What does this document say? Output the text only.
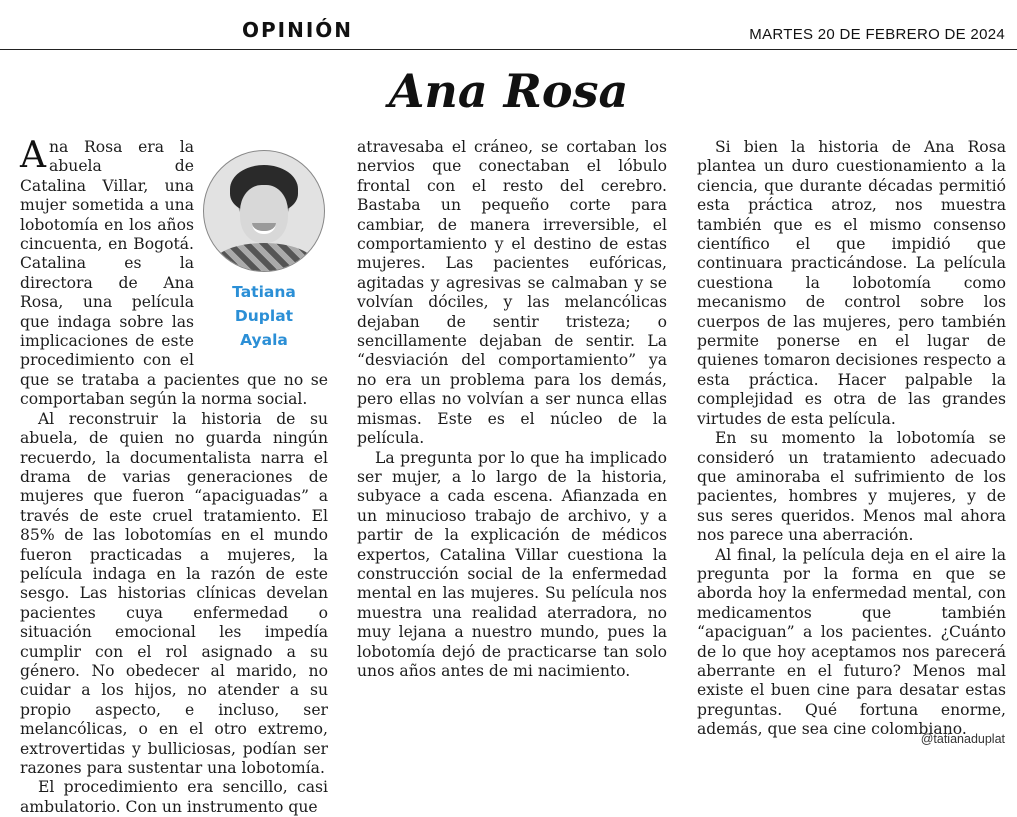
OPINIÓN	MARTES 20 DE FEBRERO DE 2024
Ana Rosa

Tatiana
Duplat
Ayala
A na Rosa era la abuela de Catalina Villar, una mujer sometida a una lobotomía en los años cincuenta, en Bogotá. Catalina es la directora de Ana Rosa, una película que indaga sobre las implicaciones de este procedimiento con el que se trataba a pacientes que no se comportaban según la norma social.

Al reconstruir la historia de su abuela, de quien no guarda ningún recuerdo, la documentalista narra el drama de varias generaciones de mujeres que fueron “apaciguadas” a través de este cruel tratamiento. El 85% de las lobotomías en el mundo fueron practicadas a mujeres, la película indaga en la razón de este sesgo. Las historias clínicas develan pacientes cuya enfermedad o situación emocional les impedía cumplir con el rol asignado a su género. No obedecer al marido, no cuidar a los hijos, no atender a su propio aspecto, e incluso, ser melancólicas, o en el otro extremo, extrovertidas y bulliciosas, podían ser razones para sustentar una lobotomía.

El procedimiento era sencillo, casi ambulatorio. Con un instrumento que

atravesaba el cráneo, se cortaban los nervios que conectaban el lóbulo frontal con el resto del cerebro. Bastaba un pequeño corte para cambiar, de manera irreversible, el comportamiento y el destino de estas mujeres. Las pacientes eufóricas, agitadas y agresivas se calmaban y se volvían dóciles, y las melancólicas dejaban de sentir tristeza; o sencillamente dejaban de sentir. La “desviación del comportamiento” ya no era un problema para los demás, pero ellas no volvían a ser nunca ellas mismas. Este es el núcleo de la película.

La pregunta por lo que ha implicado ser mujer, a lo largo de la historia, subyace a cada escena. Afianzada en un minucioso trabajo de archivo, y a partir de la explicación de médicos expertos, Catalina Villar cuestiona la construcción social de la enfermedad mental en las mujeres. Su película nos muestra una realidad aterradora, no muy lejana a nuestro mundo, pues la lobotomía dejó de practicarse tan solo unos años antes de mi nacimiento.

Si bien la historia de Ana Rosa plantea un duro cuestionamiento a la ciencia, que durante décadas permitió esta práctica atroz, nos muestra también que es el mismo consenso científico el que impidió que continuara practicándose. La película cuestiona la lobotomía como mecanismo de control sobre los cuerpos de las mujeres, pero también permite ponerse en el lugar de quienes tomaron decisiones respecto a esta práctica. Hacer palpable la complejidad es otra de las grandes virtudes de esta película.

En su momento la lobotomía se consideró un tratamiento adecuado que aminoraba el sufrimiento de los pacientes, hombres y mujeres, y de sus seres queridos. Menos mal ahora nos parece una aberración.

Al final, la película deja en el aire la pregunta por la forma en que se aborda hoy la enfermedad mental, con medicamentos que también “apaciguan” a los pacientes. ¿Cuánto de lo que hoy aceptamos nos parecerá aberrante en el futuro? Menos mal existe el buen cine para desatar estas preguntas. Qué fortuna enorme, además, que sea cine colombiano.

@tatianaduplat
